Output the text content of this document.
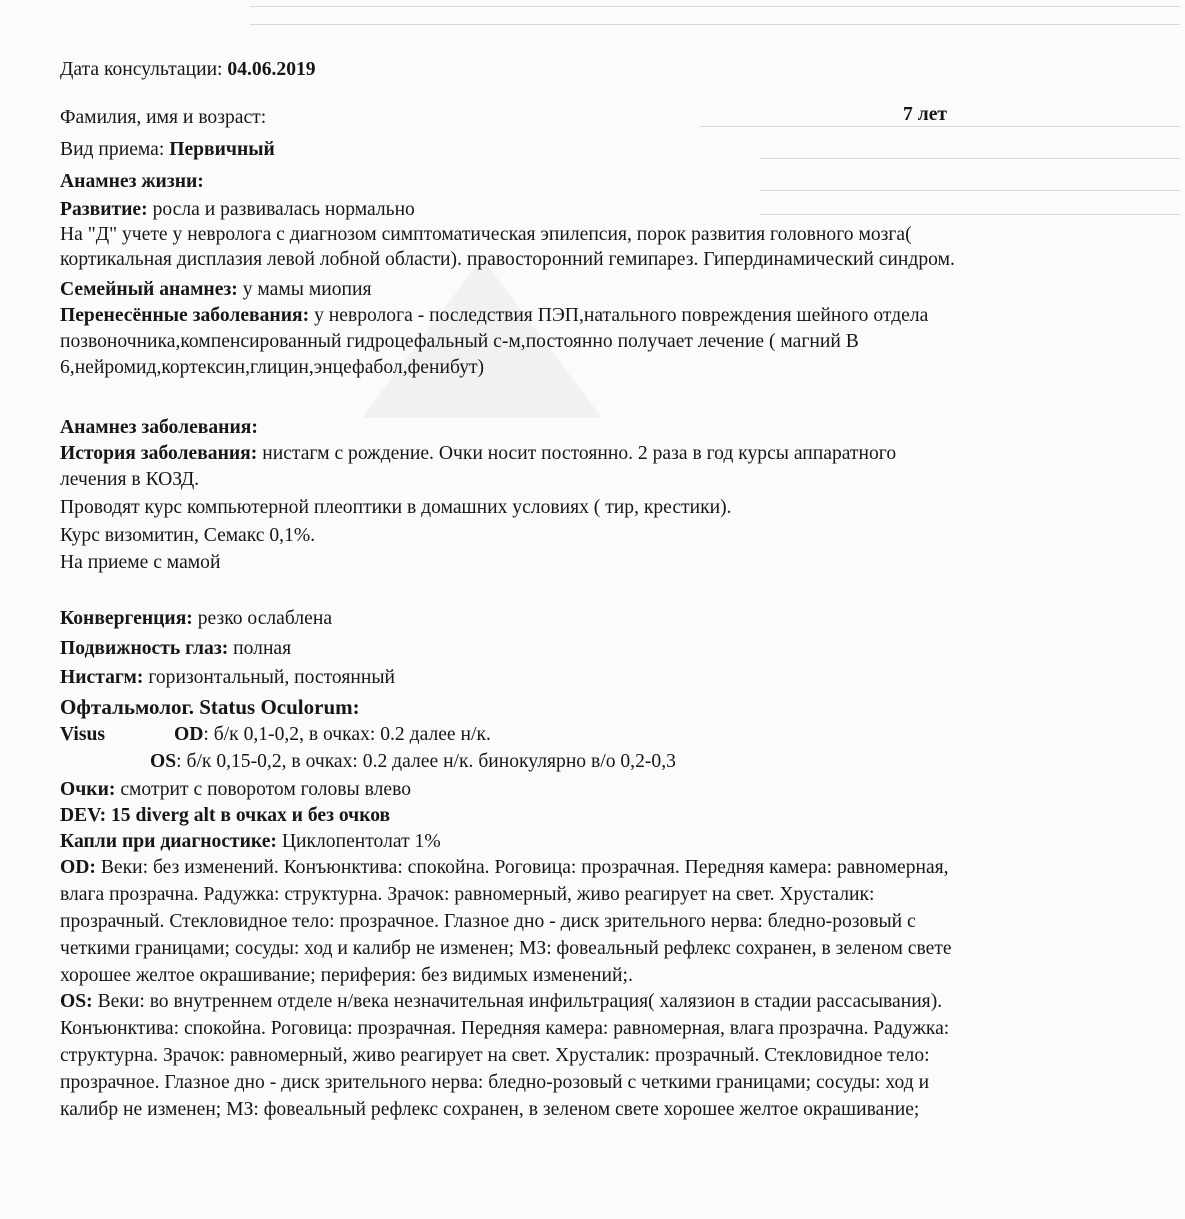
Дата консультации: 04.06.2019
Фамилия, имя и возраст:	7 лет
Вид приема: Первичный
Анамнез жизни:
Развитие: росла и развивалась нормально
На "Д" учете у невролога с диагнозом симптоматическая эпилепсия, порок развития головного мозга(
кортикальная дисплазия левой лобной области). правосторонний гемипарез. Гипердинамический синдром.
Семейный анамнез: у мамы миопия
Перенесённые заболевания: у невролога - последствия ПЭП,натального повреждения шейного отдела
позвоночника,компенсированный гидроцефальный с-м,постоянно получает лечение ( магний В
6,нейромид,кортексин,глицин,энцефабол,фенибут)
Анамнез заболевания:
История заболевания: нистагм с рождение. Очки носит постоянно. 2 раза в год курсы аппаратного
лечения в КОЗД.
Проводят курс компьютерной плеоптики в домашних условиях ( тир, крестики).
Курс визомитин, Семакс 0,1%.
На приеме с мамой
Конвергенция: резко ослаблена
Подвижность глаз: полная
Нистагм: горизонтальный, постоянный
Офтальмолог. Status Oculorum:
Visus	OD: б/к 0,1-0,2, в очках: 0.2 далее н/к.
OS: б/к 0,15-0,2, в очках: 0.2 далее н/к. бинокулярно в/о 0,2-0,3
Очки: смотрит с поворотом головы влево
DEV: 15 diverg alt в очках и без очков
Капли при диагностике: Циклопентолат 1%
OD: Веки: без изменений. Конъюнктива: спокойна. Роговица: прозрачная. Передняя камера: равномерная,
влага прозрачна. Радужка: структурна. Зрачок: равномерный, живо реагирует на свет. Хрусталик:
прозрачный. Стекловидное тело: прозрачное. Глазное дно - диск зрительного нерва: бледно-розовый с
четкими границами; сосуды: ход и калибр не изменен; МЗ: фовеальный рефлекс сохранен, в зеленом свете
хорошее желтое окрашивание; периферия: без видимых изменений;.
OS: Веки: во внутреннем отделе н/века незначительная инфильтрация( халязион в стадии рассасывания).
Конъюнктива: спокойна. Роговица: прозрачная. Передняя камера: равномерная, влага прозрачна. Радужка:
структурна. Зрачок: равномерный, живо реагирует на свет. Хрусталик: прозрачный. Стекловидное тело:
прозрачное. Глазное дно - диск зрительного нерва: бледно-розовый с четкими границами; сосуды: ход и
калибр не изменен; МЗ: фовеальный рефлекс сохранен, в зеленом свете хорошее желтое окрашивание;
